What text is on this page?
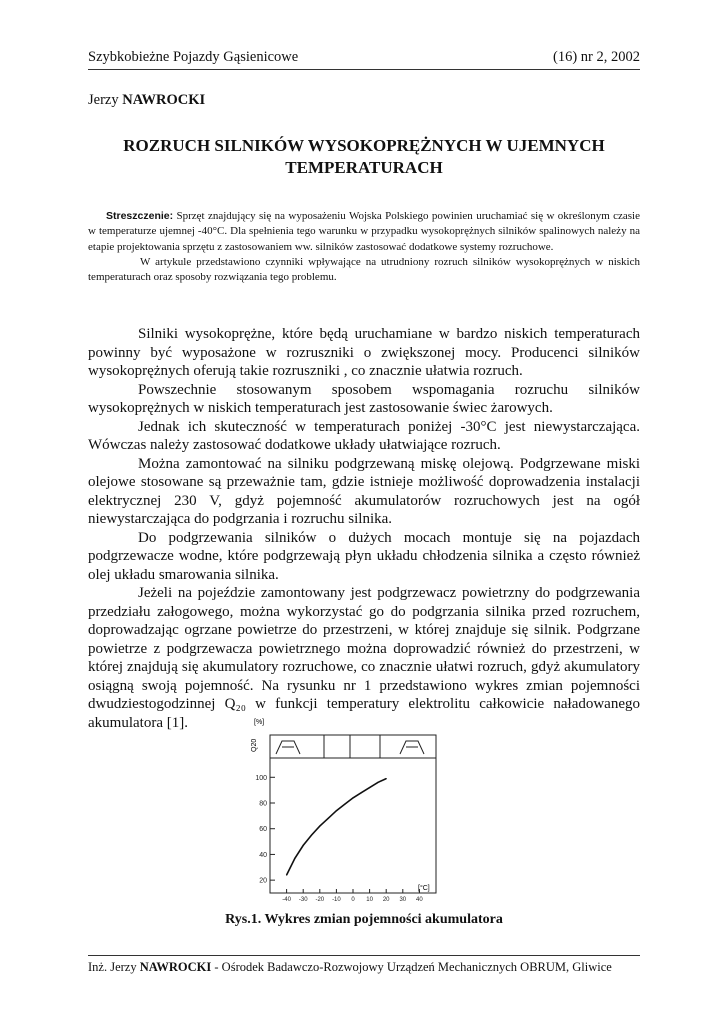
Szybkobieżne Pojazdy Gąsienicowe	(16) nr 2, 2002
Jerzy NAWROCKI
ROZRUCH SILNIKÓW WYSOKOPRĘŻNYCH W UJEMNYCH TEMPERATURACH

Streszczenie: Sprzęt znajdujący się na wyposażeniu Wojska Polskiego powinien uruchamiać się w określonym czasie w temperaturze ujemnej -40°C. Dla spełnienia tego warunku w przypadku wysokoprężnych silników spalinowych należy na etapie projektowania sprzętu z zastosowaniem ww. silników zastosować dodatkowe systemy rozruchowe.

W artykule przedstawiono czynniki wpływające na utrudniony rozruch silników wysokoprężnych w niskich temperaturach oraz sposoby rozwiązania tego problemu.

Silniki wysokoprężne, które będą uruchamiane w bardzo niskich temperaturach powinny być wyposażone w rozruszniki o zwiększonej mocy. Producenci silników wysokoprężnych oferują takie rozruszniki , co znacznie ułatwia rozruch.

Powszechnie stosowanym sposobem wspomagania rozruchu silników wysokoprężnych w niskich temperaturach jest zastosowanie świec żarowych.

Jednak ich skuteczność w temperaturach poniżej -30°C jest niewystarczająca. Wówczas należy zastosować dodatkowe układy ułatwiające rozruch.

Można zamontować na silniku podgrzewaną miskę olejową. Podgrzewane miski olejowe stosowane są przeważnie tam, gdzie istnieje możliwość doprowadzenia instalacji elektrycznej 230 V, gdyż pojemność akumulatorów rozruchowych jest na ogół niewystarczająca do podgrzania i rozruchu silnika.

Do podgrzewania silników o dużych mocach montuje się na pojazdach podgrzewacze wodne, które podgrzewają płyn układu chłodzenia silnika a często również olej układu smarowania silnika.

Jeżeli na pojeździe zamontowany jest podgrzewacz powietrzny do podgrzewania przedziału załogowego, można wykorzystać go do podgrzania silnika przed rozruchem, doprowadzając ogrzane powietrze do przestrzeni, w której znajduje się silnik. Podgrzane powietrze z podgrzewacza powietrznego można doprowadzić również do przestrzeni, w której znajdują się akumulatory rozruchowe, co znacznie ułatwi rozruch, gdyż akumulatory osiągną swoją pojemność. Na rysunku nr 1 przedstawiono wykres zmian pojemności dwudziestogodzinnej Q₂₀ w funkcji temperatury elektrolitu całkowicie naładowanego akumulatora [1].

20
40
60
80
100
-40 -30 -20 -10 0 10 20 30 40
[%]
Q20
[°C]
Rys.1. Wykres zmian pojemności akumulatora
Inż. Jerzy NAWROCKI - Ośrodek Badawczo-Rozwojowy Urządzeń Mechanicznych OBRUM, Gliwice
